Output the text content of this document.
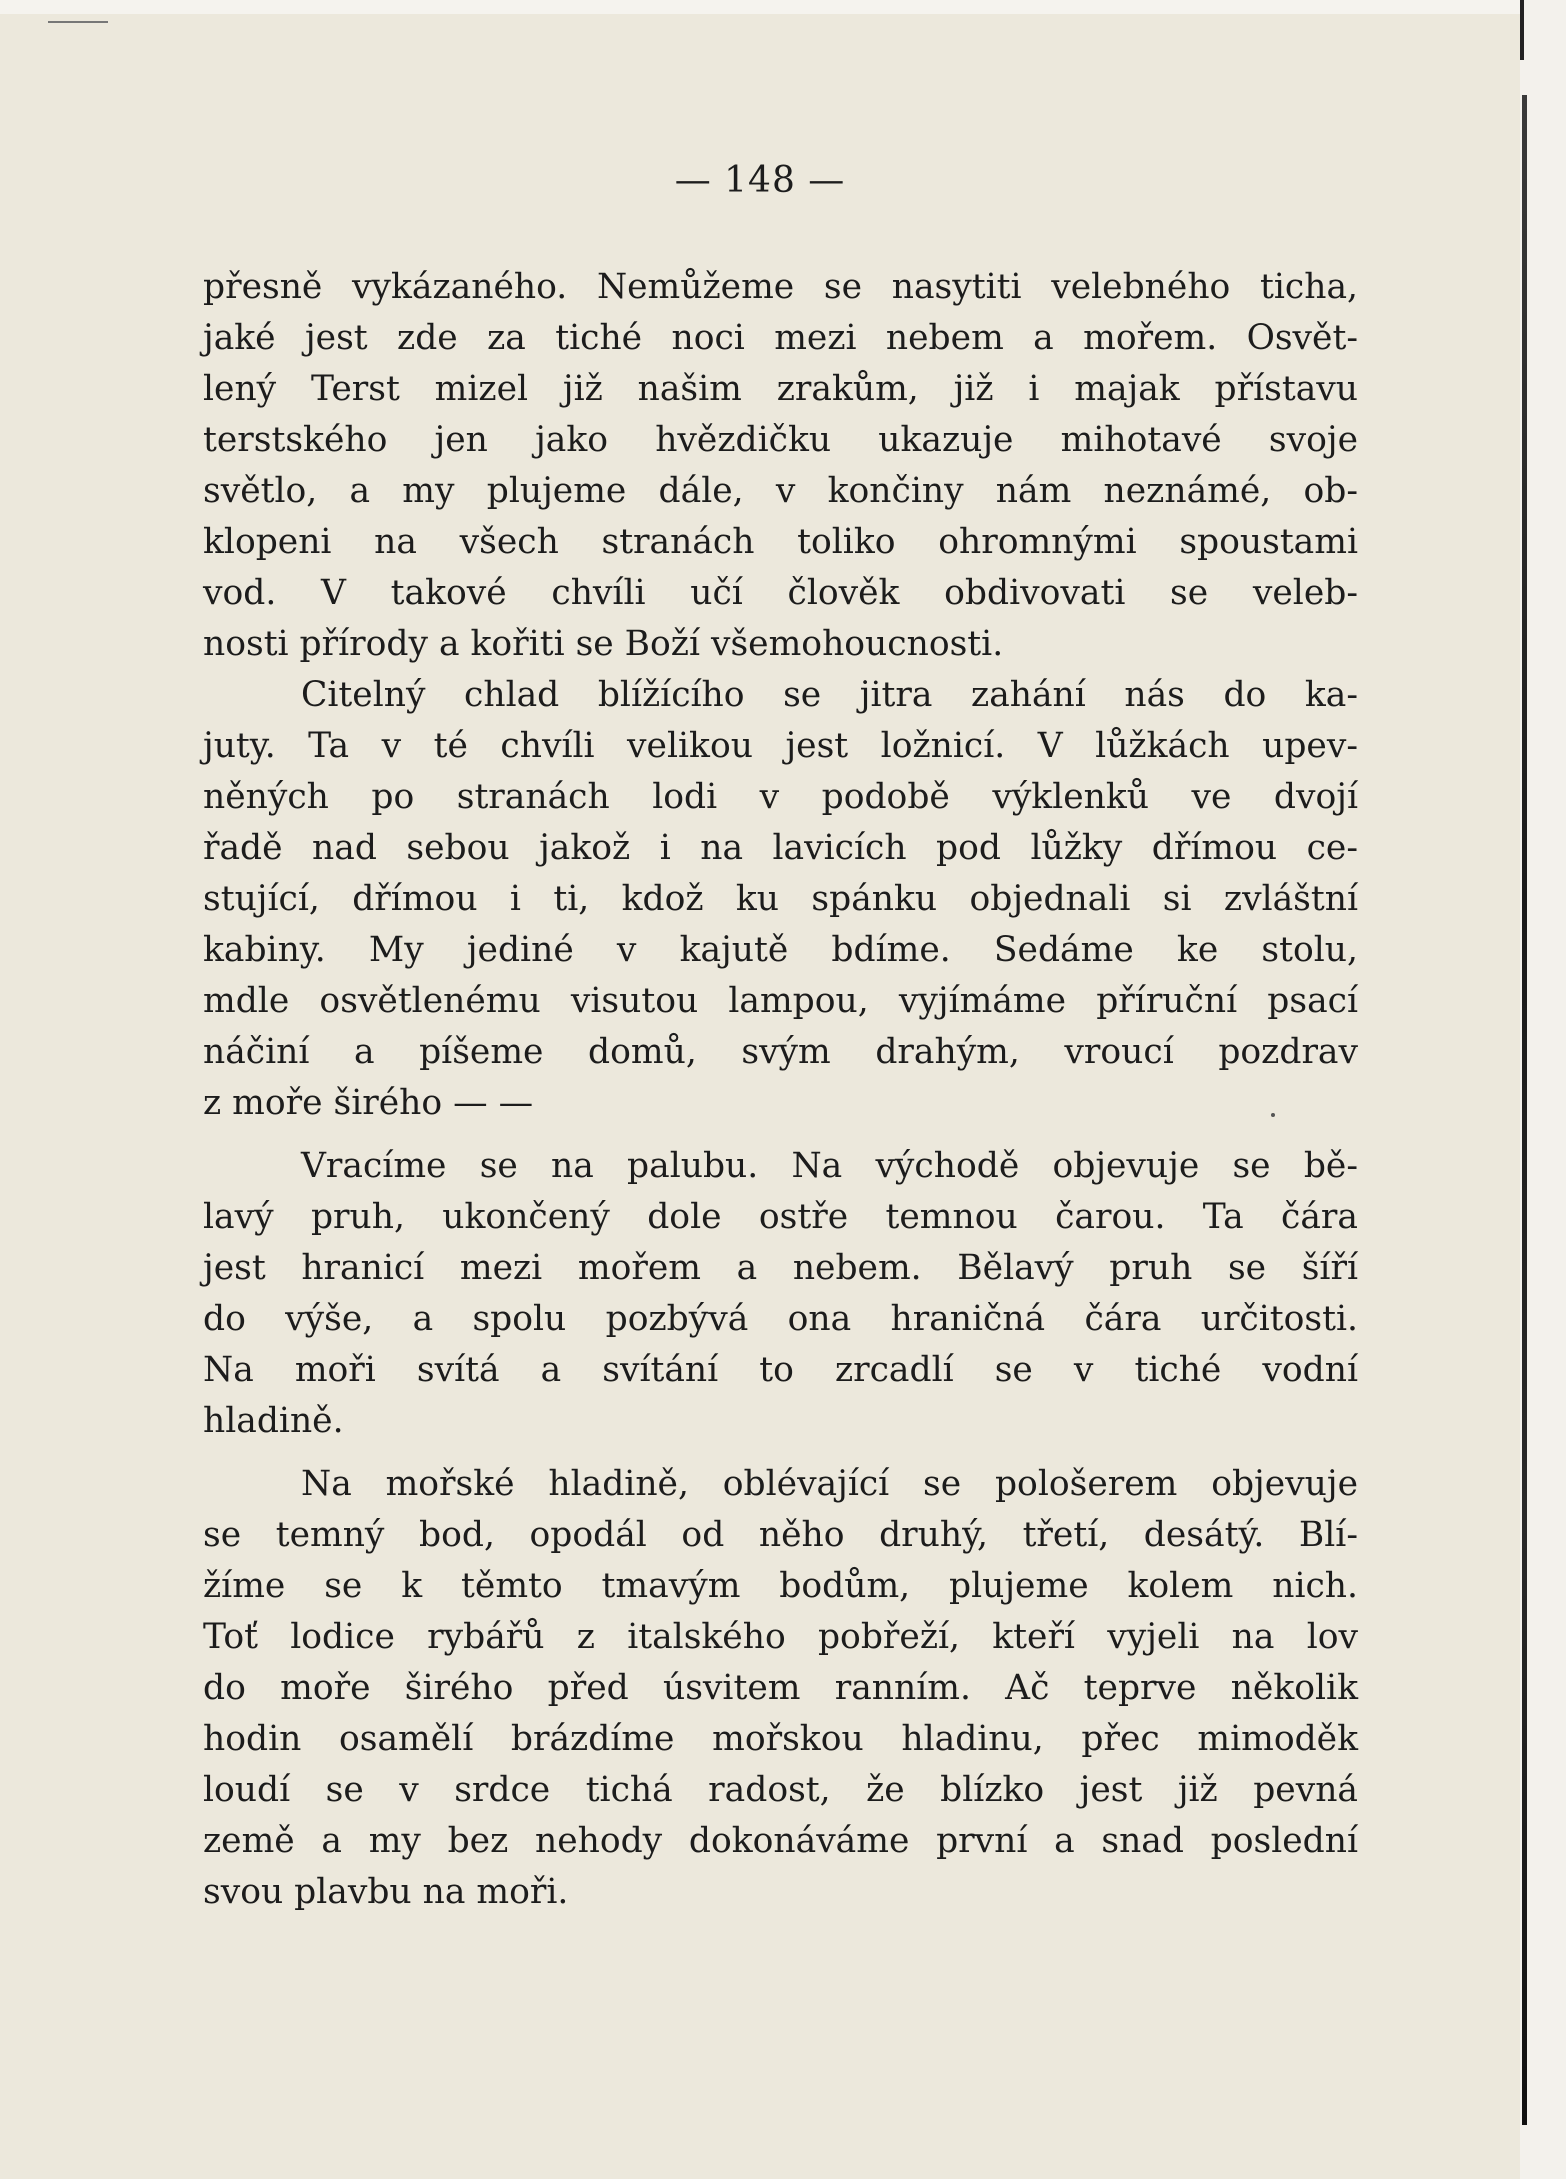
— 148 —
přesně vykázaného. Nemůžeme se nasytiti velebného ticha,
jaké jest zde za tiché noci mezi nebem a mořem. Osvět-
lený Terst mizel již našim zrakům, již i majak přístavu
terstského jen jako hvězdičku ukazuje mihotavé svoje
světlo, a my plujeme dále, v končiny nám neznámé, ob-
klopeni na všech stranách toliko ohromnými spoustami
vod. V takové chvíli učí člověk obdivovati se veleb-
nosti přírody a kořiti se Boží všemohoucnosti.
Citelný chlad blížícího se jitra zahání nás do ka-
juty. Ta v té chvíli velikou jest ložnicí. V lůžkách upev-
něných po stranách lodi v podobě výklenků ve dvojí
řadě nad sebou jakož i na lavicích pod lůžky dřímou ce-
stující, dřímou i ti, kdož ku spánku objednali si zvláštní
kabiny. My jediné v kajutě bdíme. Sedáme ke stolu,
mdle osvětlenému visutou lampou, vyjímáme příruční psací
náčiní a píšeme domů, svým drahým, vroucí pozdrav
z moře širého — —
Vracíme se na palubu. Na východě objevuje se bě-
lavý pruh, ukončený dole ostře temnou čarou. Ta čára
jest hranicí mezi mořem a nebem. Bělavý pruh se šíří
do výše, a spolu pozbývá ona hraničná čára určitosti.
Na moři svítá a svítání to zrcadlí se v tiché vodní
hladině.
Na mořské hladině, oblévající se pološerem objevuje
se temný bod, opodál od něho druhý, třetí, desátý. Blí-
žíme se k těmto tmavým bodům, plujeme kolem nich.
Toť lodice rybářů z italského pobřeží, kteří vyjeli na lov
do moře širého před úsvitem ranním. Ač teprve několik
hodin osamělí brázdíme mořskou hladinu, přec mimoděk
loudí se v srdce tichá radost, že blízko jest již pevná
země a my bez nehody dokonáváme první a snad poslední
svou plavbu na moři.
